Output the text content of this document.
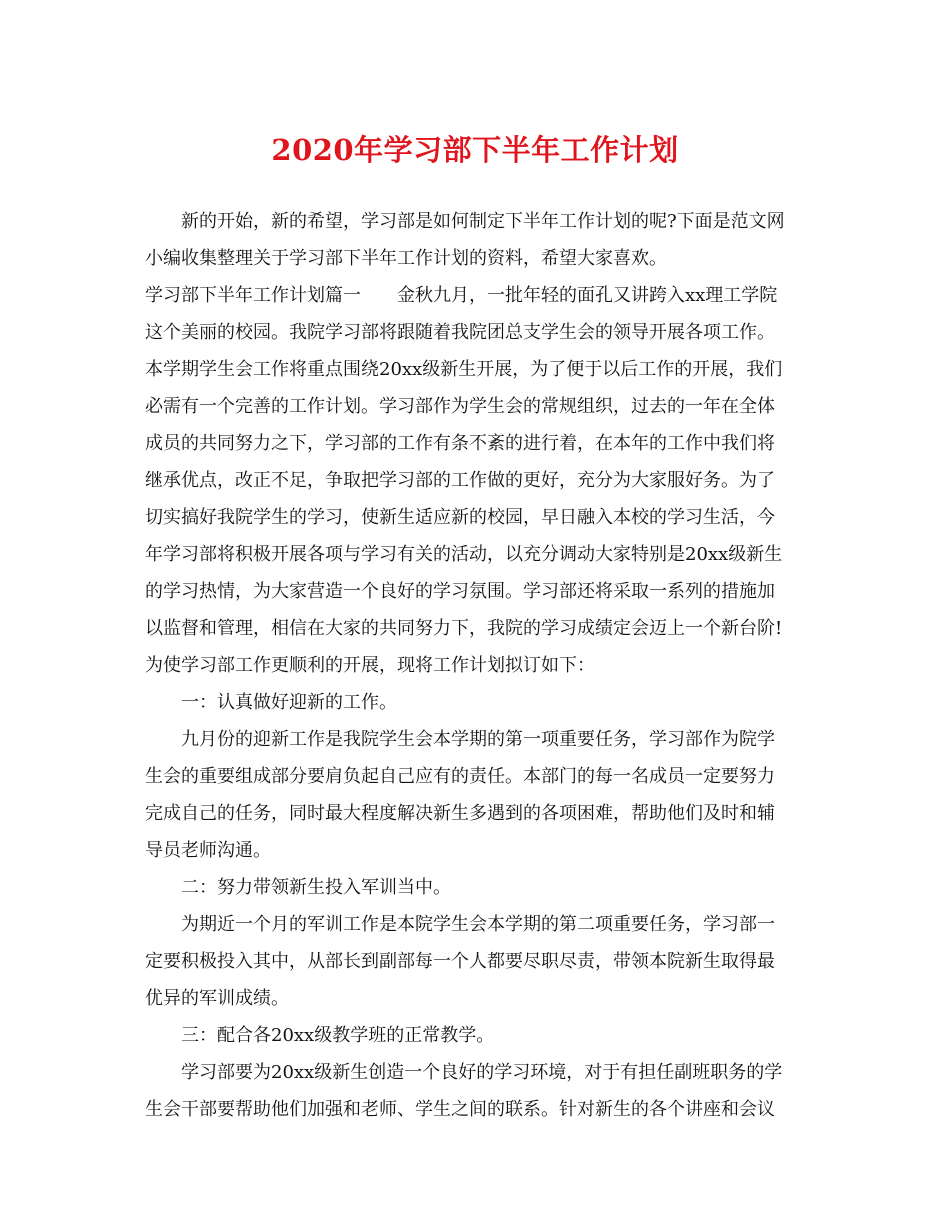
2020年学习部下半年工作计划
新的开始，新的希望，学习部是如何制定下半年工作计划的呢?下面是范文网
小编收集整理关于学习部下半年工作计划的资料，希望大家喜欢。
学习部下半年工作计划篇一　　金秋九月，一批年轻的面孔又讲跨入xx理工学院
这个美丽的校园。我院学习部将跟随着我院团总支学生会的领导开展各项工作。
本学期学生会工作将重点围绕20xx级新生开展，为了便于以后工作的开展，我们
必需有一个完善的工作计划。学习部作为学生会的常规组织，过去的一年在全体
成员的共同努力之下，学习部的工作有条不紊的进行着，在本年的工作中我们将
继承优点，改正不足，争取把学习部的工作做的更好，充分为大家服好务。为了
切实搞好我院学生的学习，使新生适应新的校园，早日融入本校的学习生活，今
年学习部将积极开展各项与学习有关的活动，以充分调动大家特别是20xx级新生
的学习热情，为大家营造一个良好的学习氛围。学习部还将采取一系列的措施加
以监督和管理，相信在大家的共同努力下，我院的学习成绩定会迈上一个新台阶!
为使学习部工作更顺利的开展，现将工作计划拟订如下：
一：认真做好迎新的工作。
九月份的迎新工作是我院学生会本学期的第一项重要任务，学习部作为院学
生会的重要组成部分要肩负起自己应有的责任。本部门的每一名成员一定要努力
完成自己的任务，同时最大程度解决新生多遇到的各项困难，帮助他们及时和辅
导员老师沟通。
二：努力带领新生投入军训当中。
为期近一个月的军训工作是本院学生会本学期的第二项重要任务，学习部一
定要积极投入其中，从部长到副部每一个人都要尽职尽责，带领本院新生取得最
优异的军训成绩。
三：配合各20xx级教学班的正常教学。
学习部要为20xx级新生创造一个良好的学习环境，对于有担任副班职务的学
生会干部要帮助他们加强和老师、学生之间的联系。针对新生的各个讲座和会议
